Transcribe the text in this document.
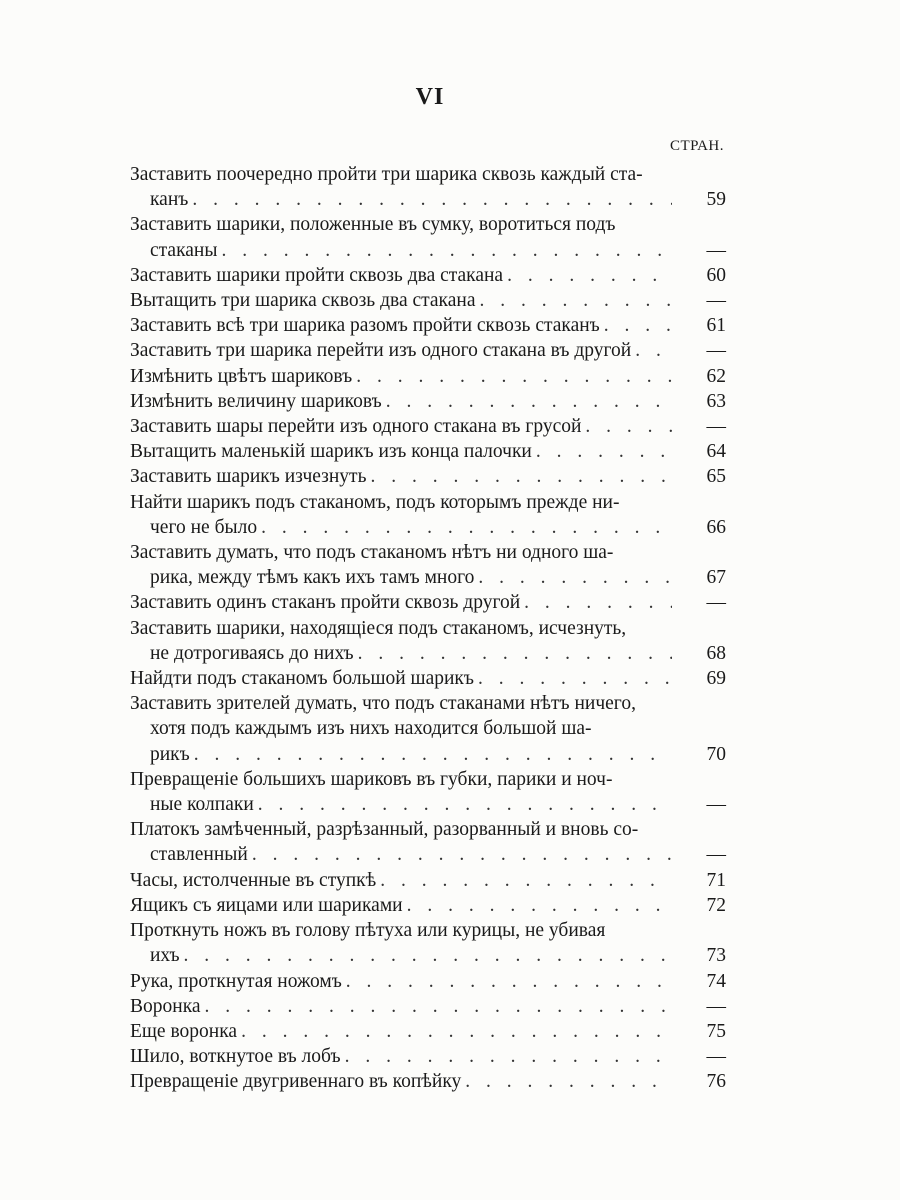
VI
СТРАН.
Заставить поочередно пройти три шарика сквозь каждый ста-
канъ . . .	59
Заставить шарики, положенные въ сумку, воротиться подъ
стаканы . . .	—
Заставить шарики пройти сквозь два стакана . . .	60
Вытащить три шарика сквозь два стакана . . .	—
Заставить всѣ три шарика разомъ пройти сквозь стаканъ . . .	61
Заставить три шарика перейти изъ одного стакана въ другой . . .	—
Измѣнить цвѣтъ шариковъ . . .	62
Измѣнить величину шариковъ . . .	63
Заставить шары перейти изъ одного стакана въ грусой . . .	—
Вытащить маленькій шарикъ изъ конца палочки . . .	64
Заставить шарикъ изчезнуть . . .	65
Найти шарикъ подъ стаканомъ, подъ которымъ прежде ни-
чего не было . . .	66
Заставить думать, что подъ стаканомъ нѣтъ ни одного ша-
рика, между тѣмъ какъ ихъ тамъ много . . .	67
Заставить одинъ стаканъ пройти сквозь другой . . .	—
Заставить шарики, находящіеся подъ стаканомъ, исчезнуть,
не дотрогиваясь до нихъ . . .	68
Найдти подъ стаканомъ большой шарикъ . . .	69
Заставить зрителей думать, что подъ стаканами нѣтъ ничего,
хотя подъ каждымъ изъ нихъ находится большой ша-
рикъ . . .	70
Превращеніе большихъ шариковъ въ губки, парики и ноч-
ные колпаки . . .	—
Платокъ замѣченный, разрѣзанный, разорванный и вновь со-
ставленный . . .	—
Часы, истолченные въ ступкѣ . . .	71
Ящикъ съ яицами или шариками . . .	72
Проткнуть ножъ въ голову пѣтуха или курицы, не убивая
ихъ . . .	73
Рука, проткнутая ножомъ . . .	74
Воронка . . .	—
Еще воронка . . .	75
Шило, воткнутое въ лобъ . . .	—
Превращеніе двугривеннаго въ копѣйку . . .	76
